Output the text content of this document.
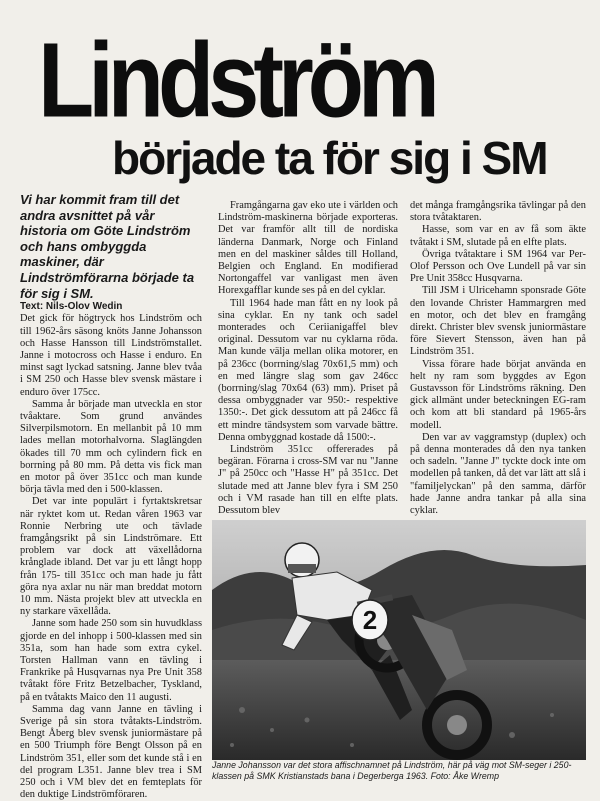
Lindström
började ta för sig i SM

Vi har kommit fram till det andra avsnittet på vår historia om Göte Lindström och hans ombyggda maskiner, där Lindströmförarna började ta för sig i SM.

Text: Nils-Olov Wedin

Det gick för högtryck hos Lindström och till 1962-års säsong knöts Janne Johansson och Hasse Hansson till Lindströmstallet. Janne i motocross och Hasse i enduro. En minst sagt lyckad satsning. Janne blev tvåa i SM 250 och Hasse blev svensk mästare i enduro över 175cc.

Samma år började man utveckla en stor tvåaktare. Som grund användes Silverpilsmotorn. En mellanbit på 10 mm lades mellan motorhalvorna. Slaglängden ökades till 70 mm och cylindern fick en borrning på 80 mm. På detta vis fick man en motor på över 351cc och man kunde börja tävla med den i 500-klassen.

Det var inte populärt i fyrtaktskretsar när ryktet kom ut. Redan våren 1963 var Ronnie Nerbring ute och tävlade framgångsrikt på sin Lindströmare. Ett problem var dock att växellådorna krånglade ibland. Det var ju ett långt hopp från 175- till 351cc och man hade ju fått göra nya axlar nu när man breddat motorn 10 mm. Nästa projekt blev att utveckla en ny starkare växellåda.

Janne som hade 250 som sin huvudklass gjorde en del inhopp i 500-klassen med sin 351a, som han hade som extra cykel. Torsten Hallman vann en tävling i Frankrike på Husqvarnas nya Pre Unit 358 tvåtakt före Fritz Betzelbacher, Tyskland, på en tvåtakts Maico den 11 augusti.

Samma dag vann Janne en tävling i Sverige på sin stora tvåtakts-Lindström. Bengt Åberg blev svensk juniormästare på en 500 Triumph före Bengt Olsson på en Lindström 351, eller som det kunde stå i en del program L351. Janne blev trea i SM 250 och i VM blev det en femteplats för den duktige Lindströmföraren.

Framgångarna gav eko ute i världen och Lindström-maskinerna började exporteras. Det var framför allt till de nordiska länderna Danmark, Norge och Finland men en del maskiner såldes till Holland, Belgien och England. En modifierad Nortongaffel var vanligast men även Horexgafflar kunde ses på en del cyklar.

Till 1964 hade man fått en ny look på sina cyklar. En ny tank och sadel monterades och Ceriianigaffel blev original. Dessutom var nu cyklarna röda. Man kunde välja mellan olika motorer, en på 236cc (borrning/slag 70x61,5 mm) och en med längre slag som gav 246cc (borrning/slag 70x64 (63) mm). Priset på dessa ombyggnader var 950:- respektive 1350:-. Det gick dessutom att på 246cc få ett mindre tändsystem som varvade bättre. Denna ombyggnad kostade då 1500:-.

Lindström 351cc offererades på begäran. Förarna i cross-SM var nu "Janne J" på 250cc och "Hasse H" på 351cc. Det slutade med att Janne blev fyra i SM 250 och i VM rasade han till en elfte plats. Dessutom blev

det många framgångsrika tävlingar på den stora tvåtaktaren.

Hasse, som var en av få som äkte tvåtakt i SM, slutade på en elfte plats.

Övriga tvåtaktare i SM 1964 var Per-Olof Persson och Ove Lundell på var sin Pre Unit 358cc Husqvarna.

Till JSM i Ulricehamn sponsrade Göte den lovande Christer Hammargren med en motor, och det blev en framgång direkt. Christer blev svensk juniormästare före Sievert Stensson, även han på Lindström 351.

Vissa förare hade börjat använda en helt ny ram som byggdes av Egon Gustavsson för Lindströms räkning. Den gick allmänt under beteckningen EG-ram och kom att bli standard på 1965-års modell.

Den var av vaggramstyp (duplex) och på denna monterades då den nya tanken och sadeln. "Janne J" tyckte dock inte om modellen på tanken, då det var lätt att slå i "familjelyckan" på den samma, därför hade Janne andra tankar på alla sina cyklar.

2

Janne Johansson var det stora affischnamnet på Lindström, här på väg mot SM-seger i 250-klassen på SMK Kristianstads bana i Degerberga 1963. Foto: Åke Wremp
